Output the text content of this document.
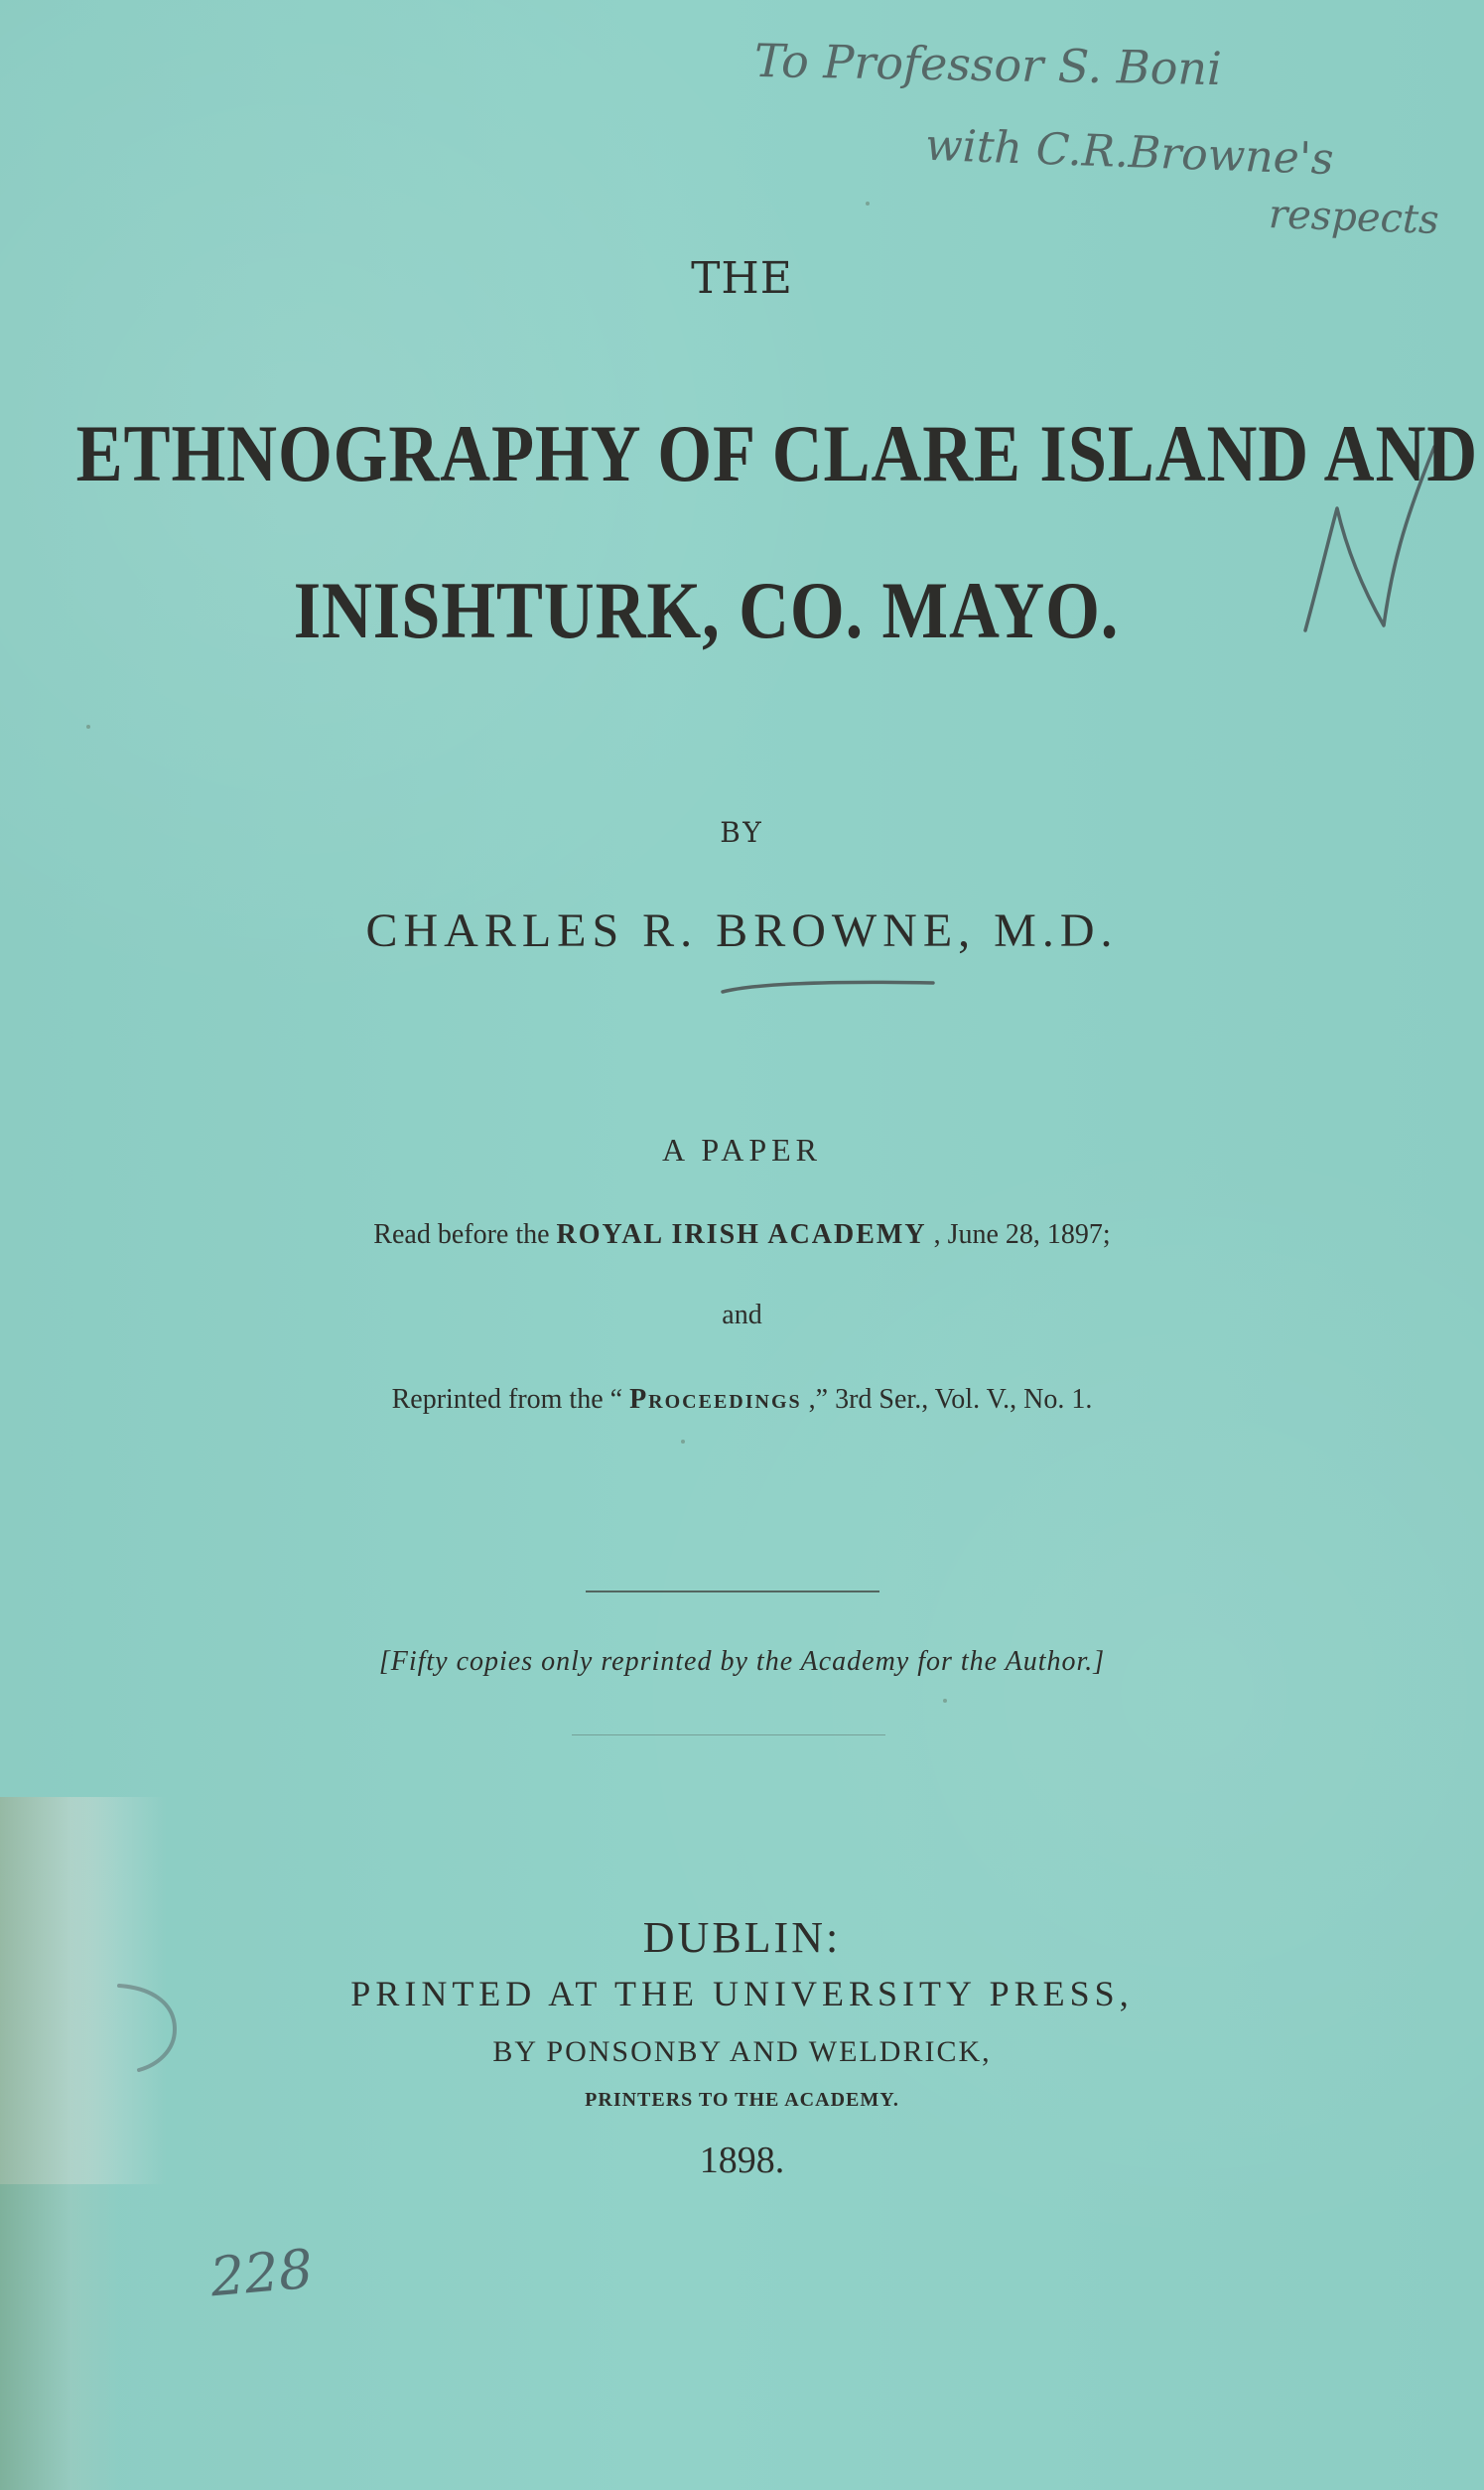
To Professor S. Boni
with C.R.Browne's
respects
THE
ETHNOGRAPHY OF CLARE ISLAND AND
INISHTURK, CO. MAYO.
BY
CHARLES R. BROWNE, M.D.
A PAPER
Read before the ROYAL IRISH ACADEMY , June 28, 1897;
and
Reprinted from the “ Proceedings ,” 3rd Ser., Vol. V., No. 1.
[Fifty copies only reprinted by the Academy for the Author.]
DUBLIN:
PRINTED AT THE UNIVERSITY PRESS,
BY PONSONBY AND WELDRICK,
PRINTERS TO THE ACADEMY.
1898.
228
